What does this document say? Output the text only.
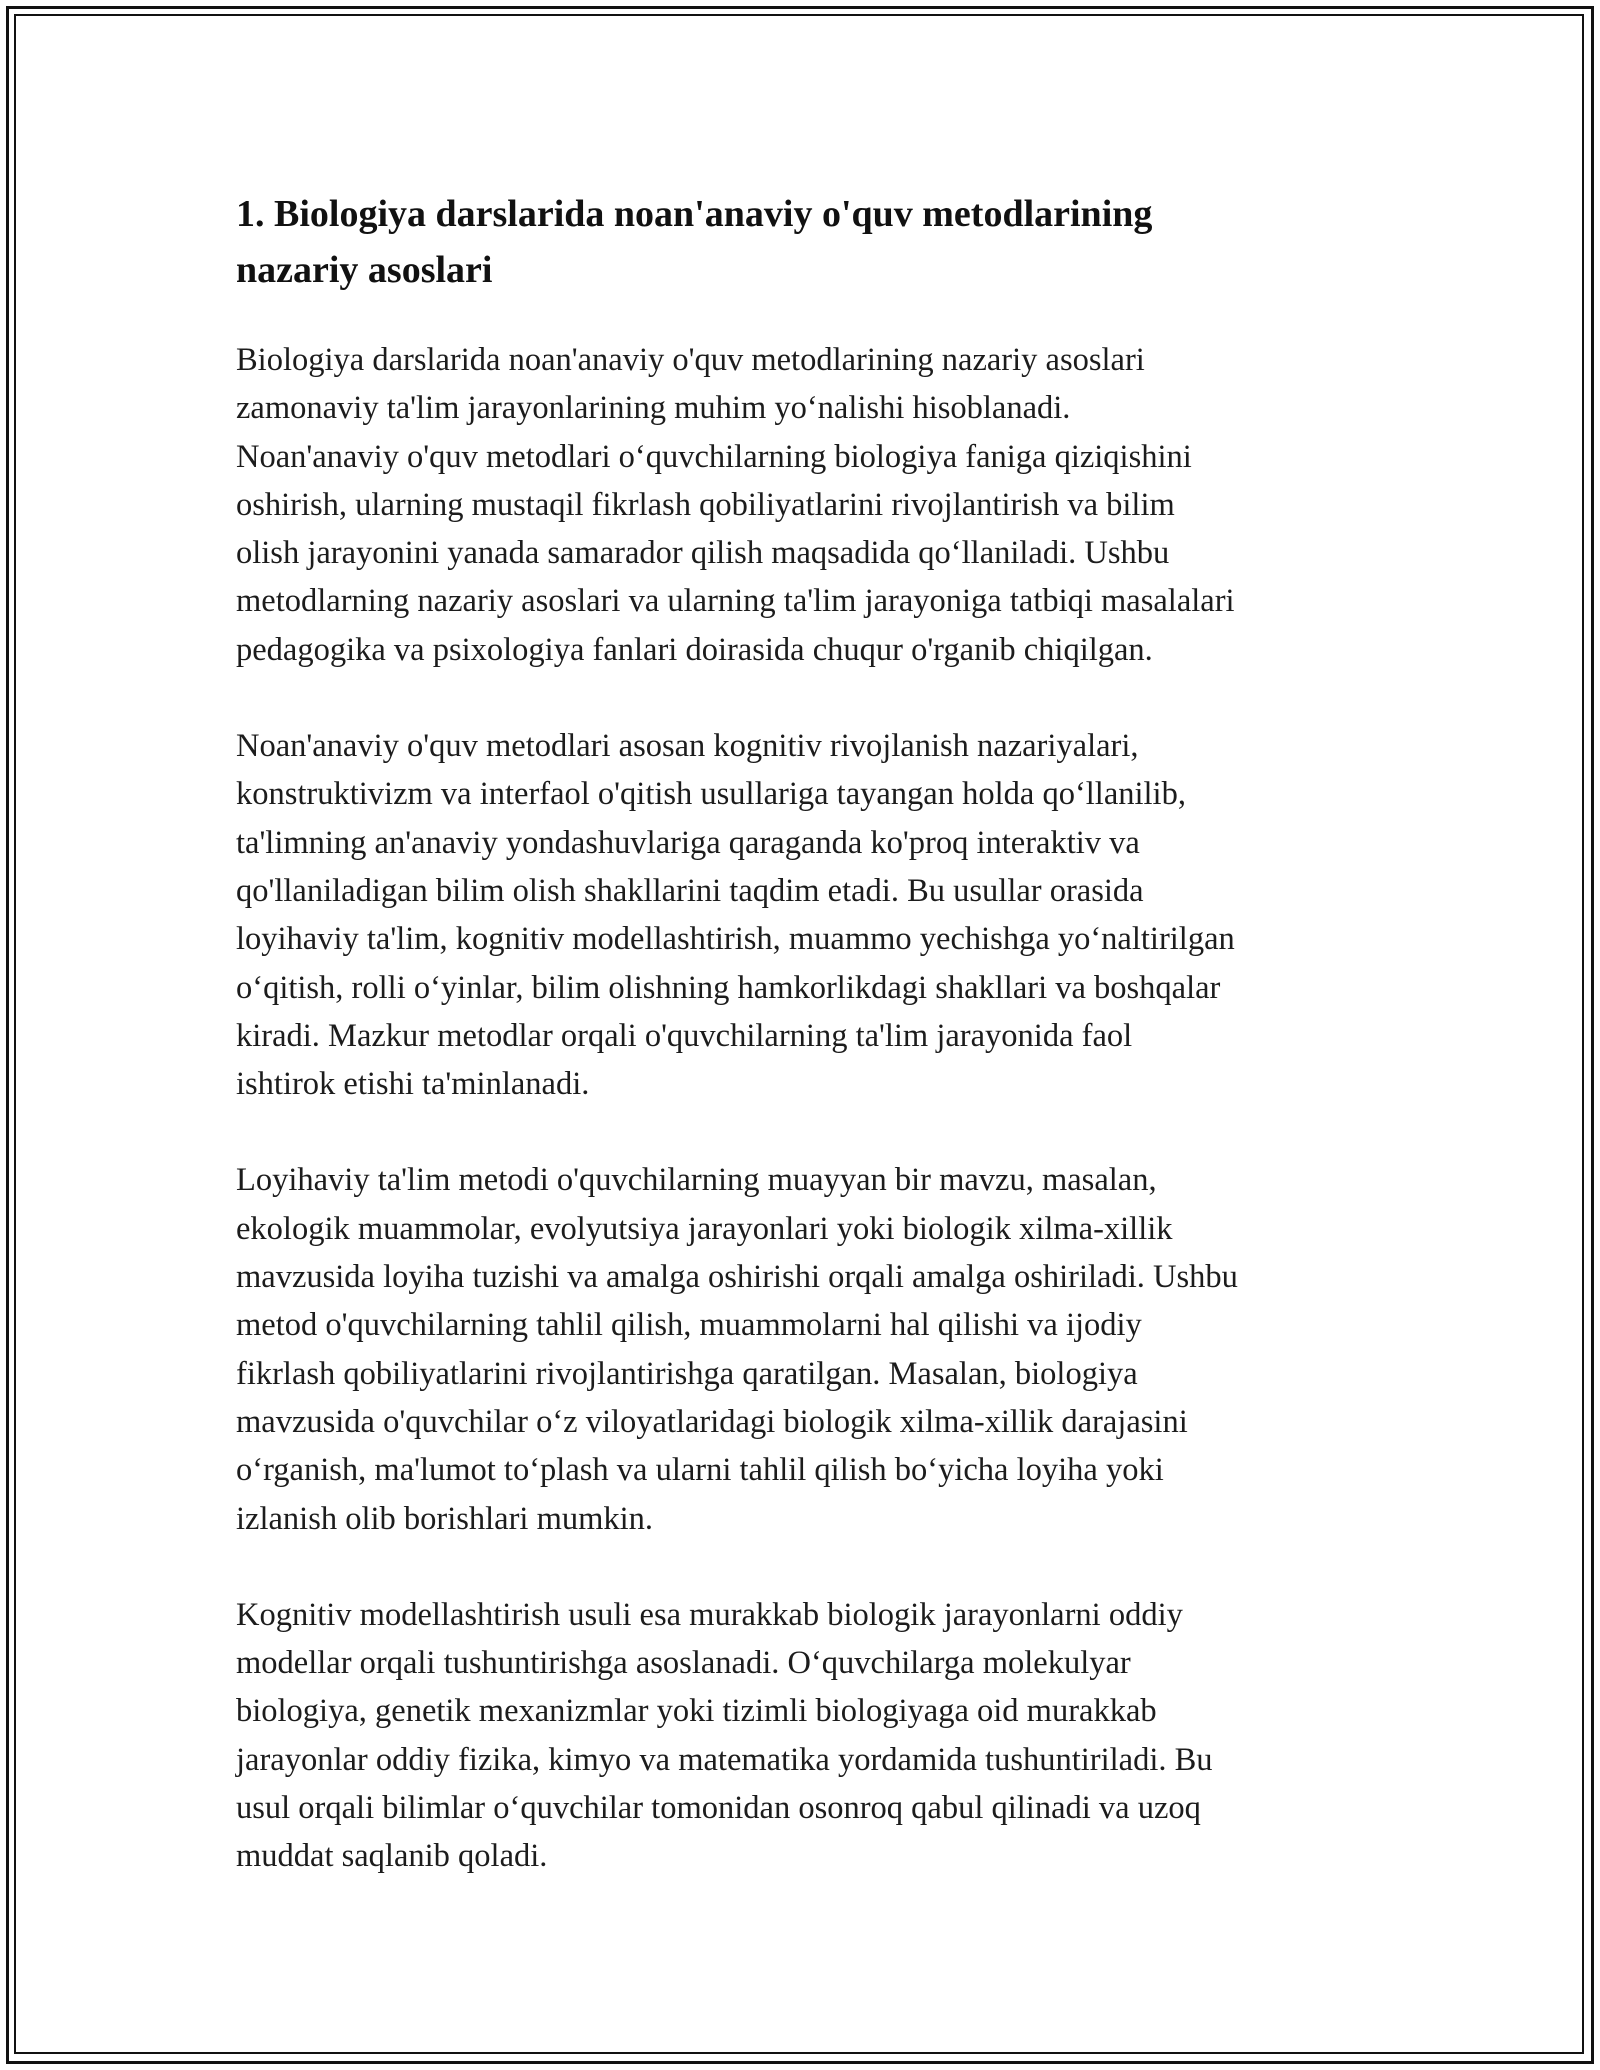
1. Biologiya darslarida noan'anaviy o'quv metodlarining
nazariy asoslari

Biologiya darslarida noan'anaviy o'quv metodlarining nazariy asoslari
zamonaviy ta'lim jarayonlarining muhim yo‘nalishi hisoblanadi.
Noan'anaviy o'quv metodlari o‘quvchilarning biologiya faniga qiziqishini
oshirish, ularning mustaqil fikrlash qobiliyatlarini rivojlantirish va bilim
olish jarayonini yanada samarador qilish maqsadida qo‘llaniladi. Ushbu
metodlarning nazariy asoslari va ularning ta'lim jarayoniga tatbiqi masalalari
pedagogika va psixologiya fanlari doirasida chuqur o'rganib chiqilgan.

Noan'anaviy o'quv metodlari asosan kognitiv rivojlanish nazariyalari,
konstruktivizm va interfaol o'qitish usullariga tayangan holda qo‘llanilib,
ta'limning an'anaviy yondashuvlariga qaraganda ko'proq interaktiv va
qo'llaniladigan bilim olish shakllarini taqdim etadi. Bu usullar orasida
loyihaviy ta'lim, kognitiv modellashtirish, muammo yechishga yo‘naltirilgan
o‘qitish, rolli o‘yinlar, bilim olishning hamkorlikdagi shakllari va boshqalar
kiradi. Mazkur metodlar orqali o'quvchilarning ta'lim jarayonida faol
ishtirok etishi ta'minlanadi.

Loyihaviy ta'lim metodi o'quvchilarning muayyan bir mavzu, masalan,
ekologik muammolar, evolyutsiya jarayonlari yoki biologik xilma-xillik
mavzusida loyiha tuzishi va amalga oshirishi orqali amalga oshiriladi. Ushbu
metod o'quvchilarning tahlil qilish, muammolarni hal qilishi va ijodiy
fikrlash qobiliyatlarini rivojlantirishga qaratilgan. Masalan, biologiya
mavzusida o'quvchilar o‘z viloyatlaridagi biologik xilma-xillik darajasini
o‘rganish, ma'lumot to‘plash va ularni tahlil qilish bo‘yicha loyiha yoki
izlanish olib borishlari mumkin.

Kognitiv modellashtirish usuli esa murakkab biologik jarayonlarni oddiy
modellar orqali tushuntirishga asoslanadi. O‘quvchilarga molekulyar
biologiya, genetik mexanizmlar yoki tizimli biologiyaga oid murakkab
jarayonlar oddiy fizika, kimyo va matematika yordamida tushuntiriladi. Bu
usul orqali bilimlar o‘quvchilar tomonidan osonroq qabul qilinadi va uzoq
muddat saqlanib qoladi.
